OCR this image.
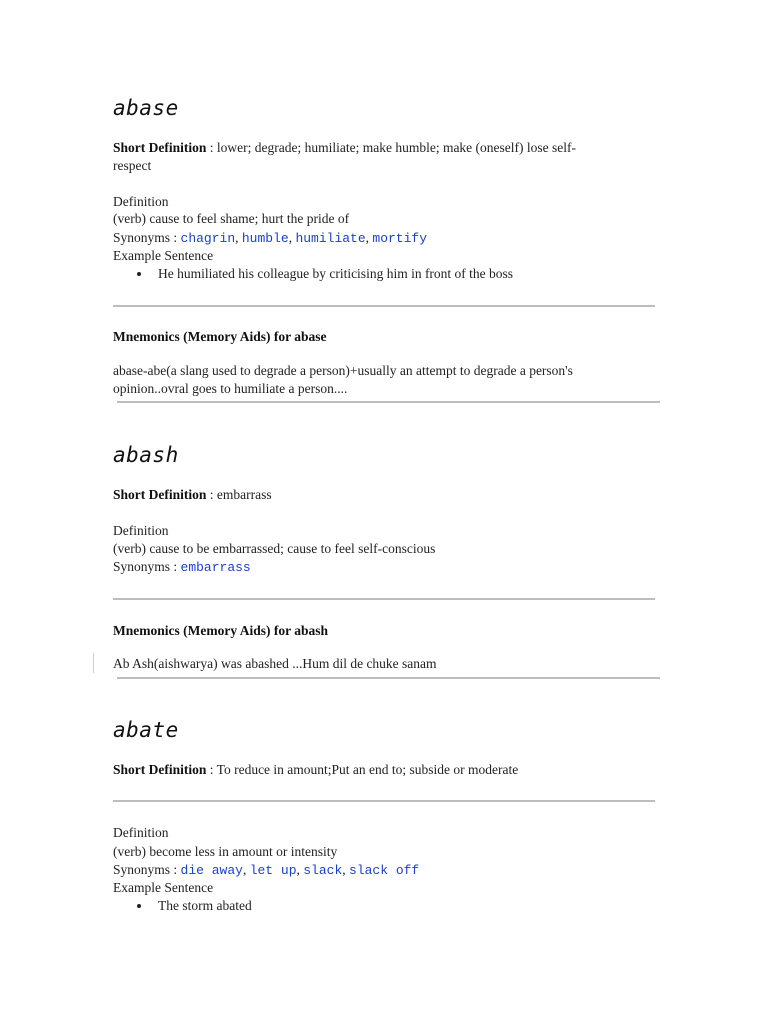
abase
Short Definition : lower; degrade; humiliate; make humble; make (oneself) lose self-
respect
Definition
(verb) cause to feel shame; hurt the pride of
Synonyms : chagrin, humble, humiliate, mortify
Example Sentence
He humiliated his colleague by criticising him in front of the boss
Mnemonics (Memory Aids) for abase
abase-abe(a slang used to degrade a person)+usually an attempt to degrade a person's
opinion..ovral goes to humiliate a person....
abash
Short Definition : embarrass
Definition
(verb) cause to be embarrassed; cause to feel self-conscious
Synonyms : embarrass
Mnemonics (Memory Aids) for abash
Ab Ash(aishwarya) was abashed ...Hum dil de chuke sanam
abate
Short Definition : To reduce in amount;Put an end to; subside or moderate
Definition
(verb) become less in amount or intensity
Synonyms : die away, let up, slack, slack off
Example Sentence
The storm abated
